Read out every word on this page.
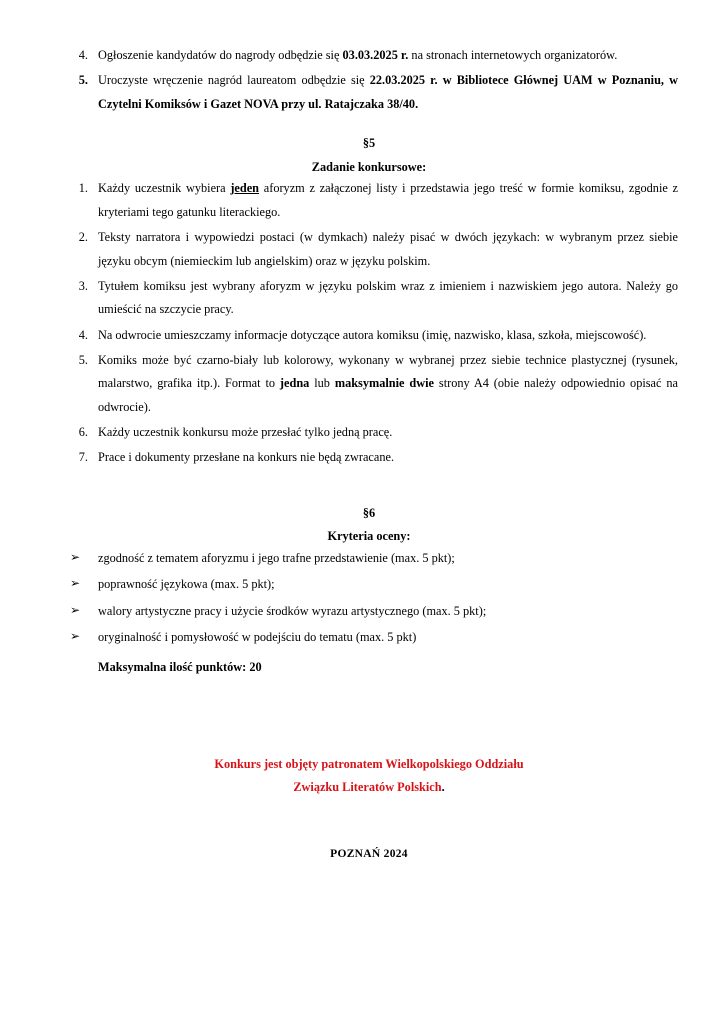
4. Ogłoszenie kandydatów do nagrody odbędzie się 03.03.2025 r. na stronach internetowych organizatorów.
5. Uroczyste wręczenie nagród laureatom odbędzie się 22.03.2025 r. w Bibliotece Głównej UAM w Poznaniu, w Czytelni Komiksów i Gazet NOVA przy ul. Ratajczaka 38/40.
§5
Zadanie konkursowe:
1. Każdy uczestnik wybiera jeden aforyzm z załączonej listy i przedstawia jego treść w formie komiksu, zgodnie z kryteriami tego gatunku literackiego.
2. Teksty narratora i wypowiedzi postaci (w dymkach) należy pisać w dwóch językach: w wybranym przez siebie języku obcym (niemieckim lub angielskim) oraz w języku polskim.
3. Tytułem komiksu jest wybrany aforyzm w języku polskim wraz z imieniem i nazwiskiem jego autora. Należy go umieścić na szczycie pracy.
4. Na odwrocie umieszczamy informacje dotyczące autora komiksu (imię, nazwisko, klasa, szkoła, miejscowość).
5. Komiks może być czarno-biały lub kolorowy, wykonany w wybranej przez siebie technice plastycznej (rysunek, malarstwo, grafika itp.). Format to jedna lub maksymalnie dwie strony A4 (obie należy odpowiednio opisać na odwrocie).
6. Każdy uczestnik konkursu może przesłać tylko jedną pracę.
7. Prace i dokumenty przesłane na konkurs nie będą zwracane.
§6
Kryteria oceny:
➢ zgodność z tematem aforyzmu i jego trafne przedstawienie (max. 5 pkt);
➢ poprawność językowa (max. 5 pkt);
➢ walory artystyczne pracy i użycie środków wyrazu artystycznego (max. 5 pkt);
➢ oryginalność i pomysłowość w podejściu do tematu (max. 5 pkt)
Maksymalna ilość punktów: 20
Konkurs jest objęty patronatem Wielkopolskiego Oddziału
Związku Literatów Polskich.
POZNAŃ 2024
